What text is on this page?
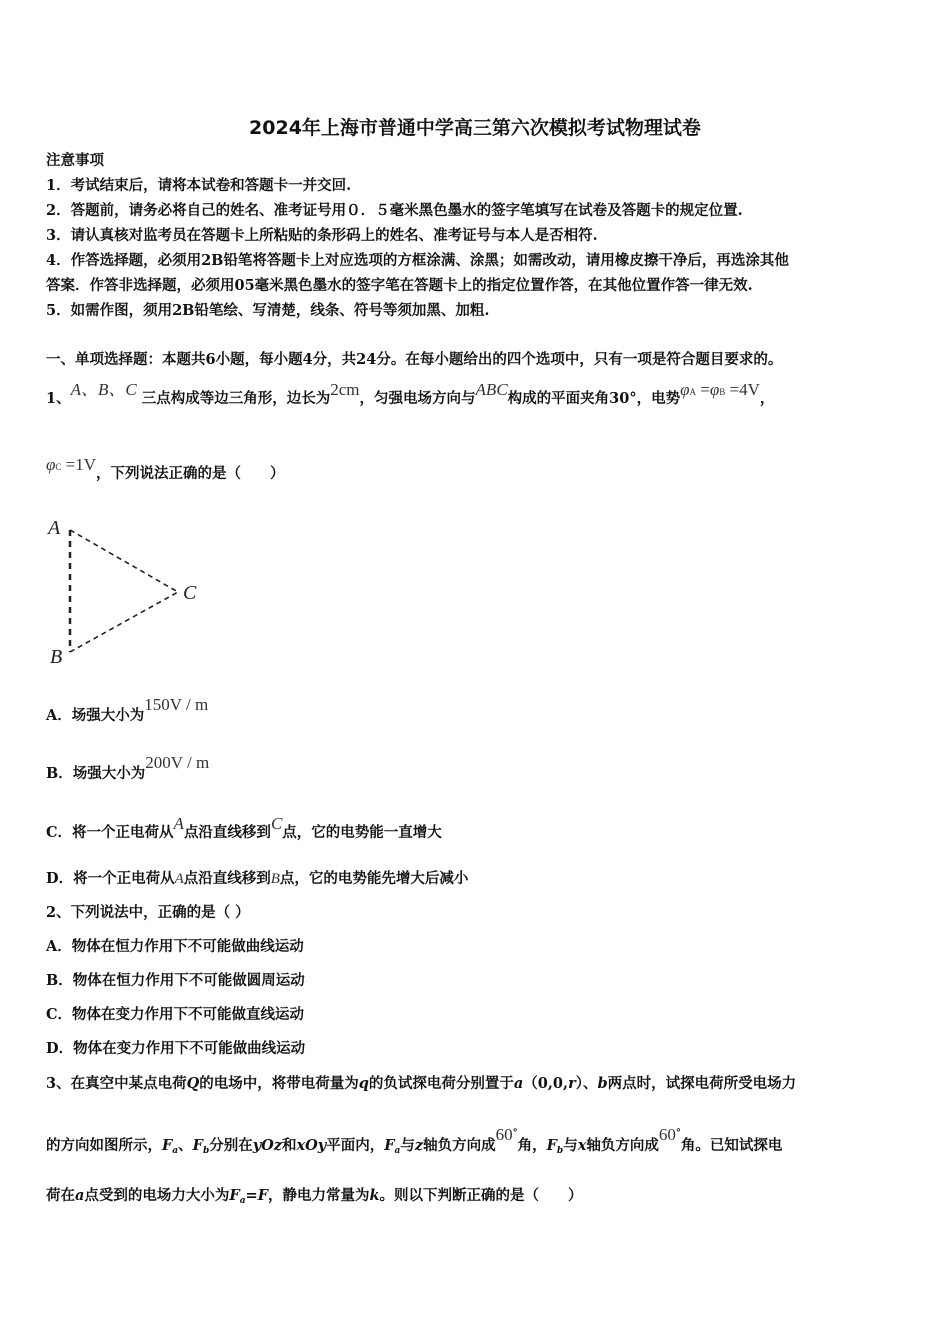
2024年上海市普通中学高三第六次模拟考试物理试卷
注意事项
1．考试结束后，请将本试卷和答题卡一并交回.
2．答题前，请务必将自己的姓名、准考证号用０．５毫米黑色墨水的签字笔填写在试卷及答题卡的规定位置.
3．请认真核对监考员在答题卡上所粘贴的条形码上的姓名、准考证号与本人是否相符.
4．作答选择题，必须用2B铅笔将答题卡上对应选项的方框涂满、涂黑；如需改动，请用橡皮擦干净后，再选涂其他
答案．作答非选择题，必须用05毫米黑色墨水的签字笔在答题卡上的指定位置作答，在其他位置作答一律无效.
5．如需作图，须用2B铅笔绘、写清楚，线条、符号等须加黑、加粗.
一、单项选择题：本题共6小题，每小题4分，共24分。在每小题给出的四个选项中，只有一项是符合题目要求的。
1、A、B、C 三点构成等边三角形，边长为2cm，匀强电场方向与ABC构成的平面夹角30°，电势φA =φB =4V，
φC =1V，下列说法正确的是（　　）
A
B
C
A．场强大小为150V / m
B．场强大小为200V / m
C．将一个正电荷从A点沿直线移到C点，它的电势能一直增大
D．将一个正电荷从A点沿直线移到B点，它的电势能先增大后减小
2、下列说法中，正确的是（ ）
A．物体在恒力作用下不可能做曲线运动
B．物体在恒力作用下不可能做圆周运动
C．物体在变力作用下不可能做直线运动
D．物体在变力作用下不可能做曲线运动
3、在真空中某点电荷Q的电场中，将带电荷量为q的负试探电荷分别置于a（0,0,r）、b两点时，试探电荷所受电场力
的方向如图所示，$F_a$、$F_b$分别在yOz和xOy平面内，$F_a$与z轴负方向成60°角，$F_b$与x轴负方向成60°角。已知试探电
荷在a点受到的电场力大小为$F_a=F$，静电力常量为k。则以下判断正确的是（　　）
